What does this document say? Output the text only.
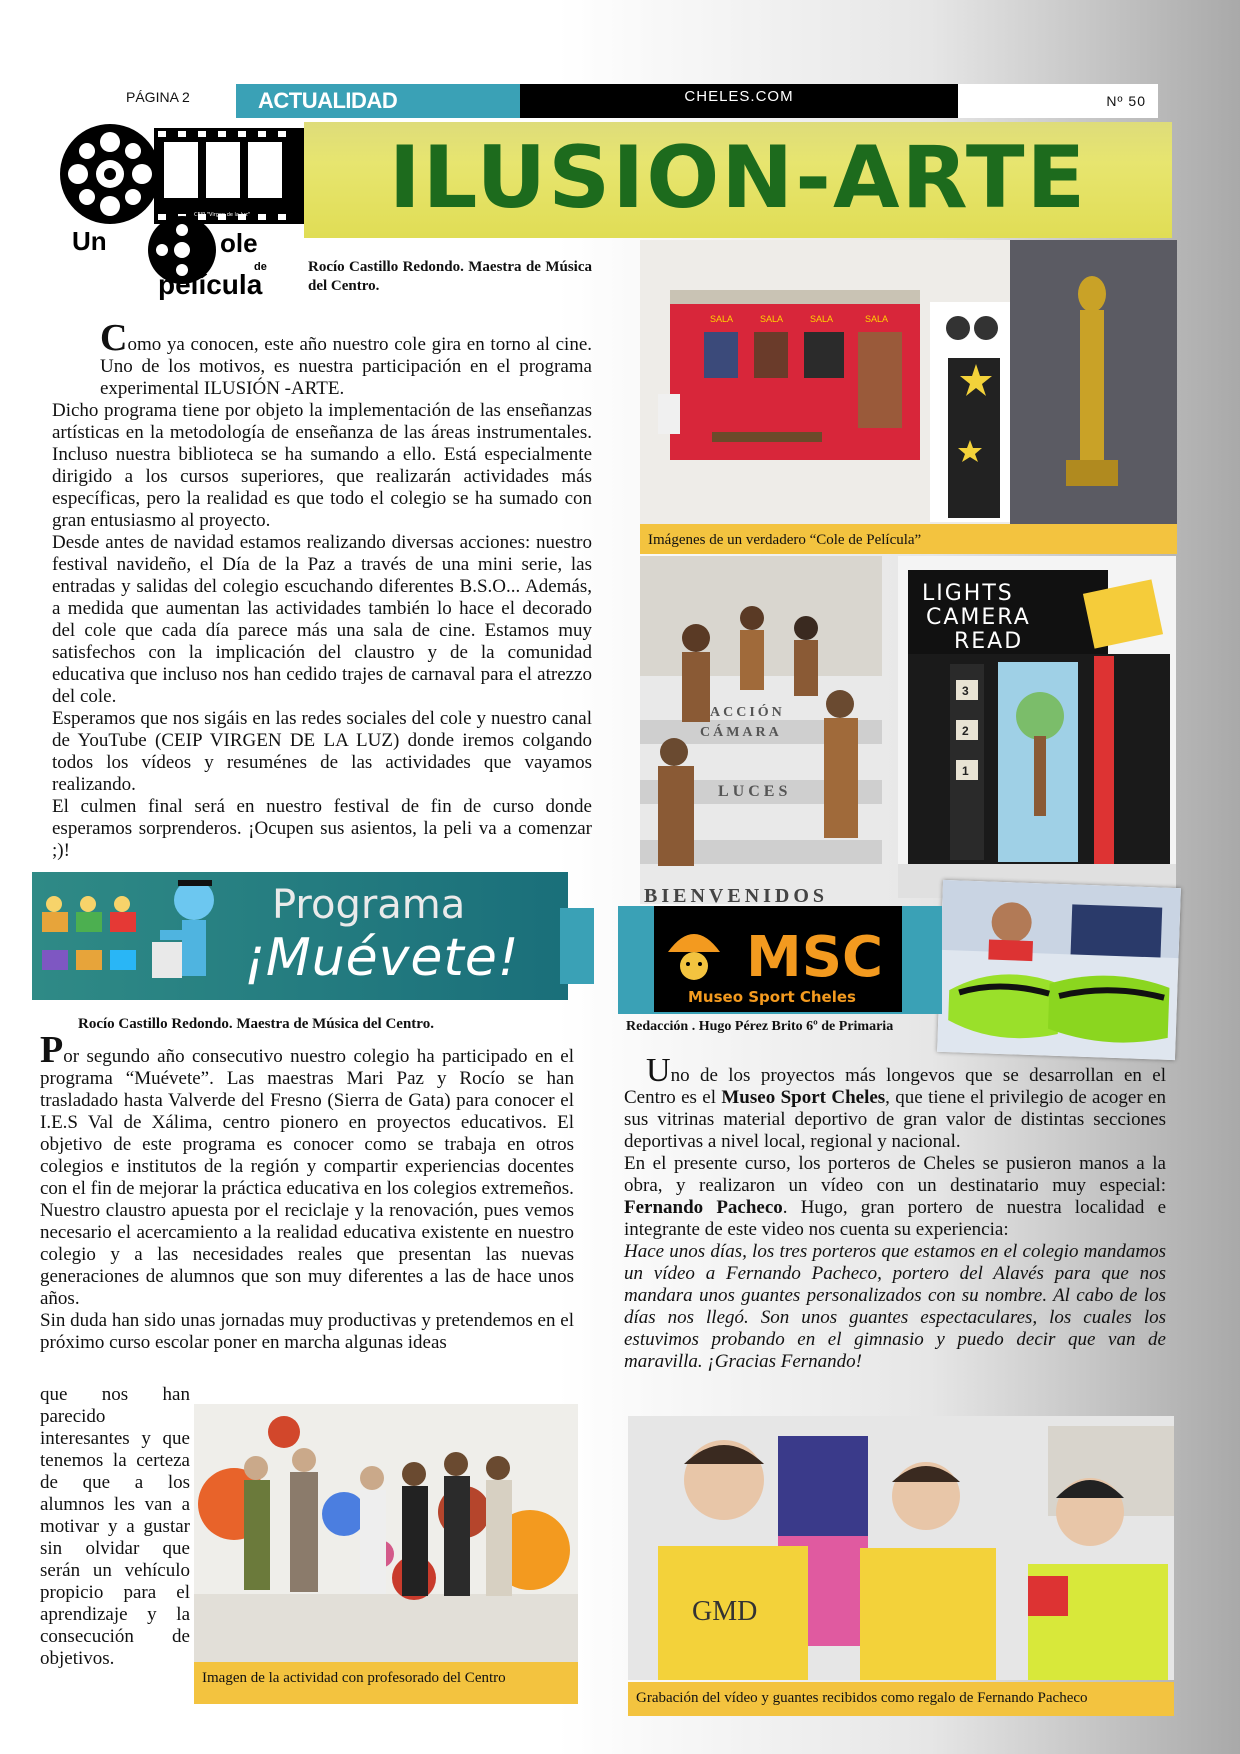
PÁGINA 2	ACTUALIDAD	CHELES.COM	Nº 50
CEIP "Virgen de la luz"
Un	ole
de
película
ILUSION-ARTE
Rocío Castillo Redondo. Maestra de Música del Centro.

Como ya conocen, este año nuestro cole gira en torno al cine. Uno de los motivos, es nuestra participación en el programa experimental ILUSIÓN -ARTE.

Dicho programa tiene por objeto la implementación de las enseñanzas artísticas en la metodología de enseñanza de las áreas instrumentales. Incluso nuestra biblioteca se ha sumando a ello. Está especialmente dirigido a los cursos superiores, que realizarán actividades más específicas, pero la realidad es que todo el colegio se ha sumado con gran entusiasmo al proyecto.

Desde antes de navidad estamos realizando diversas acciones: nuestro festival navideño, el Día de la Paz a través de una mini serie, las entradas y salidas del colegio escuchando diferentes B.S.O... Además, a medida que aumentan las actividades también lo hace el decorado del cole que cada día parece más una sala de cine. Estamos muy satisfechos con la implicación del claustro y de la comunidad educativa que incluso nos han cedido trajes de carnaval para el atrezzo del cole.

Esperamos que nos sigáis en las redes sociales del cole y nuestro canal de YouTube (CEIP VIRGEN DE LA LUZ) donde iremos colgando todos los vídeos y resuménes de las actividades que vayamos realizando.

El culmen final será en nuestro festival de fin de curso donde esperamos sorprenderos. ¡Ocupen sus asientos, la peli va a comenzar ;)!

SALA	SALA	SALA	SALA
Imágenes de un verdadero “Cole de Película”
ACCIÓN
CÁMARA
LUCES
BIENVENIDOS
LIGHTS
CAMERA
READ
3
2
1
Programa
¡Muévete!
Rocío Castillo Redondo. Maestra de Música del Centro.

Por segundo año consecutivo nuestro colegio ha participado en el programa “Muévete”. Las maestras Mari Paz y Rocío se han trasladado hasta Valverde del Fresno (Sierra de Gata) para conocer el I.E.S Val de Xálima, centro pionero en proyectos educativos. El objetivo de este programa es conocer como se trabaja en otros colegios e institutos de la región y compartir experiencias docentes con el fin de mejorar la práctica educativa en los colegios extremeños.

Nuestro claustro apuesta por el reciclaje y la renovación, pues vemos necesario el acercamiento a la realidad educativa existente en nuestro colegio y a las necesidades reales que presentan las nuevas generaciones de alumnos que son muy diferentes a las de hace unos años.

Sin duda han sido unas jornadas muy productivas y pretendemos en el próximo curso escolar poner en marcha algunas ideas

que nos han parecido interesantes y que tenemos la certeza de que a los alumnos les van a motivar y a gustar sin olvidar que serán un vehículo propicio para el aprendizaje y la consecución de objetivos.

Imagen de la actividad con profesorado del Centro
MSC
Museo Sport Cheles
Redacción . Hugo Pérez Brito 6º de Primaria

Uno de los proyectos más longevos que se desarrollan en el Centro es el Museo Sport Cheles, que tiene el privilegio de acoger en sus vitrinas material deportivo de gran valor de distintas secciones deportivas a nivel local, regional y nacional.

En el presente curso, los porteros de Cheles se pusieron manos a la obra, y realizaron un vídeo con un destinatario muy especial: Fernando Pacheco. Hugo, gran portero de nuestra localidad e integrante de este video nos cuenta su experiencia:

Hace unos días, los tres porteros que estamos en el colegio mandamos un vídeo a Fernando Pacheco, portero del Alavés para que nos mandara unos guantes personalizados con su nombre. Al cabo de los días nos llegó. Son unos guantes espectaculares, los cuales los estuvimos probando en el gimnasio y puedo decir que van de maravilla. ¡Gracias Fernando!

GMD
Grabación del vídeo y guantes recibidos como regalo de Fernando Pacheco
